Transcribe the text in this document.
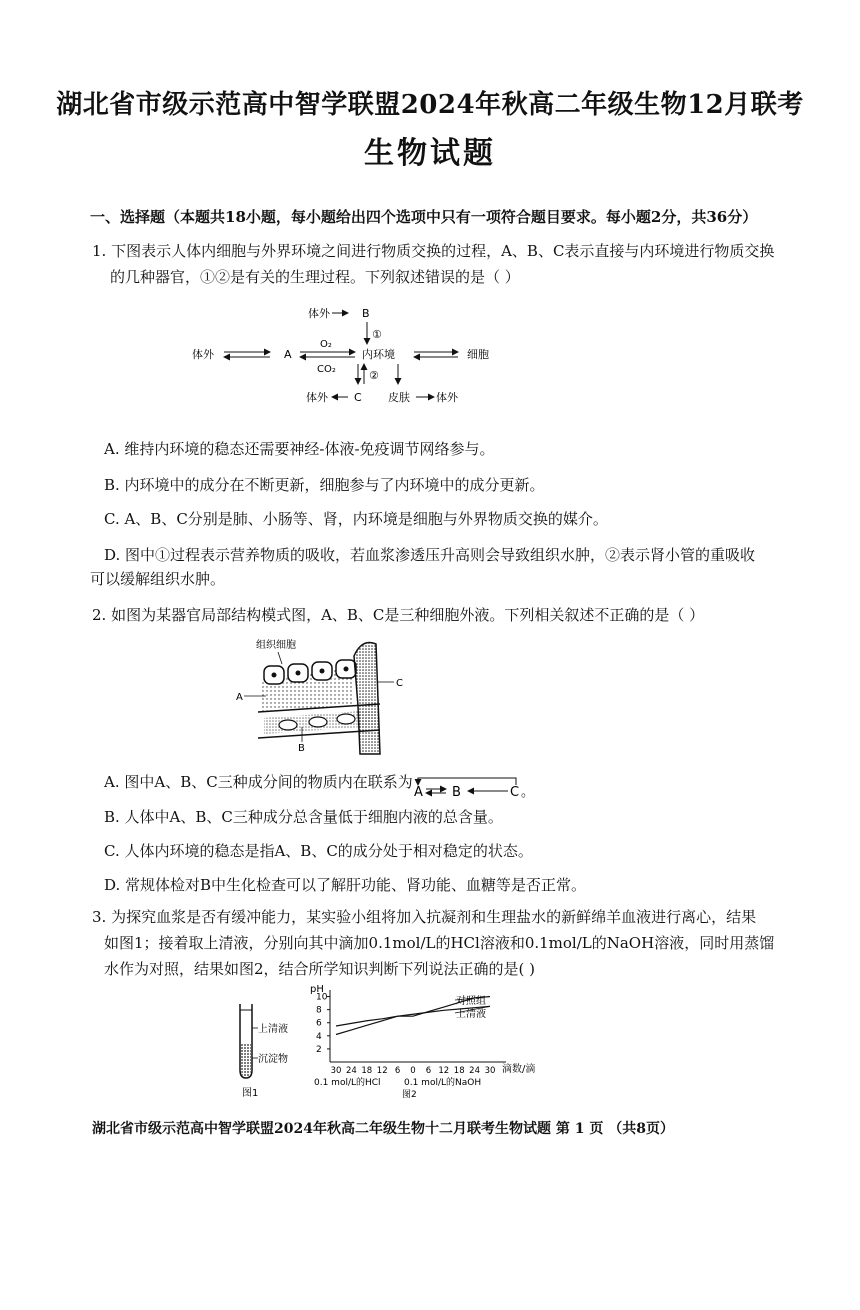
湖北省市级示范高中智学联盟2024年秋高二年级生物12月联考
生物试题
一、选择题（本题共18小题，每小题给出四个选项中只有一项符合题目要求。每小题2分，共36分）
1. 下图表示人体内细胞与外界环境之间进行物质交换的过程，A、B、C表示直接与内环境进行物质交换
的几种器官，①②是有关的生理过程。下列叙述错误的是（ ）
体外	B
①
体外	A
O₂
CO₂
内环境	细胞
②
体外 C 皮肤 体外
A. 维持内环境的稳态还需要神经-体液-免疫调节网络参与。
B. 内环境中的成分在不断更新，细胞参与了内环境中的成分更新。
C. A、B、C分别是肺、小肠等、肾，内环境是细胞与外界物质交换的媒介。
D. 图中①过程表示营养物质的吸收，若血浆渗透压升高则会导致组织水肿，②表示肾小管的重吸收
可以缓解组织水肿。
2. 如图为某器官局部结构模式图，A、B、C是三种细胞外液。下列相关叙述不正确的是（ ）
组织细胞
A
C
B
A. 图中A、B、C三种成分间的物质内在联系为
A B	C 。
B. 人体中A、B、C三种成分总含量低于细胞内液的总含量。
C. 人体内环境的稳态是指A、B、C的成分处于相对稳定的状态。
D. 常规体检对B中生化检查可以了解肝功能、肾功能、血糖等是否正常。
3. 为探究血浆是否有缓冲能力，某实验小组将加入抗凝剂和生理盐水的新鲜绵羊血液进行离心，结果
如图1；接着取上清液，分别向其中滴加0.1mol/L的HCl溶液和0.1mol/L的NaOH溶液，同时用蒸馏
水作为对照，结果如图2，结合所学知识判断下列说法正确的是( )
上清液
沉淀物
图1
pH
2
4
6
8
10
30 24 18 12 6 0 6 12 18 24 30 滴数/滴
0.1 mol/L的HCl	0.1 mol/L的NaOH
图2
对照组
上清液
湖北省市级示范高中智学联盟2024年秋高二年级生物十二月联考生物试题 第 1 页 （共8页）
